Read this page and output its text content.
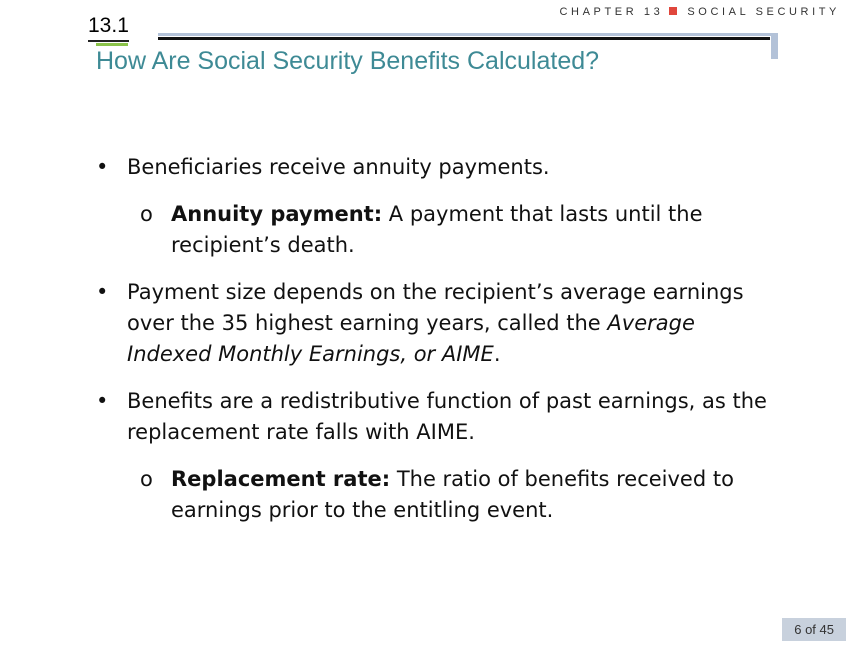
CHAPTER 13 SOCIAL SECURITY
13.1
How Are Social Security Benefits Calculated?
• Beneficiaries receive annuity payments.
o Annuity payment: A payment that lasts until the recipient’s death.
• Payment size depends on the recipient’s average earnings over the 35 highest earning years, called the Average Indexed Monthly Earnings, or AIME.
• Benefits are a redistributive function of past earnings, as the replacement rate falls with AIME.
o Replacement rate: The ratio of benefits received to earnings prior to the entitling event.
6 of 45
